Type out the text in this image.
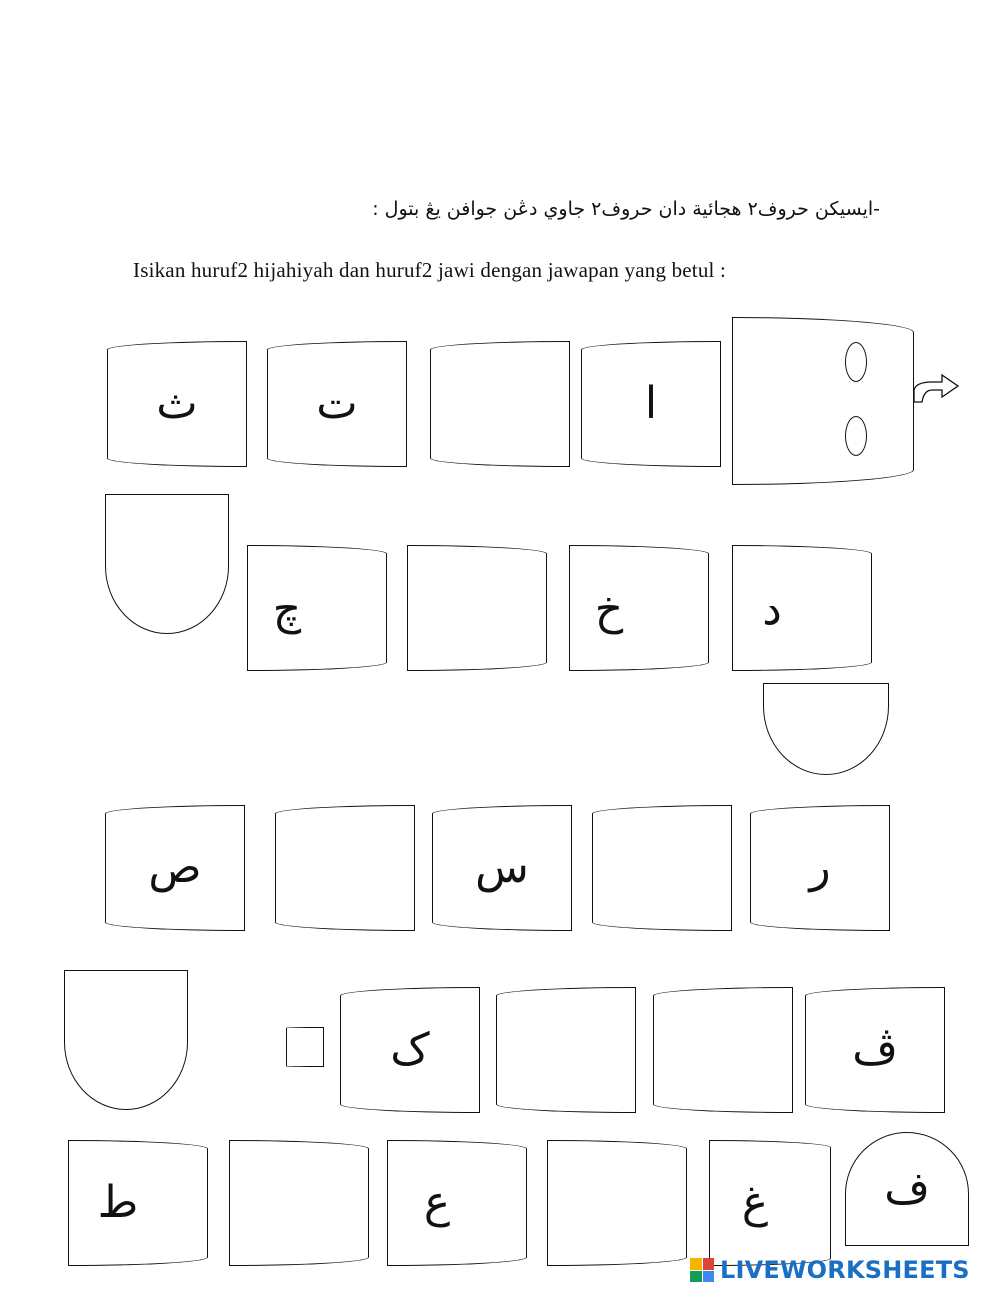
-ايسيكن حروف٢ هجائية دان حروف٢ جاوي دڠن جوافن يڠ بتول :
Isikan huruf2 hijahiyah dan huruf2 jawi dengan jawapan yang betul :
ث	ت	ا
چ	خ	د
ص	س	ر
ک	ڤ
ط	ع	غ	ف
LIVEWORKSHEETS
